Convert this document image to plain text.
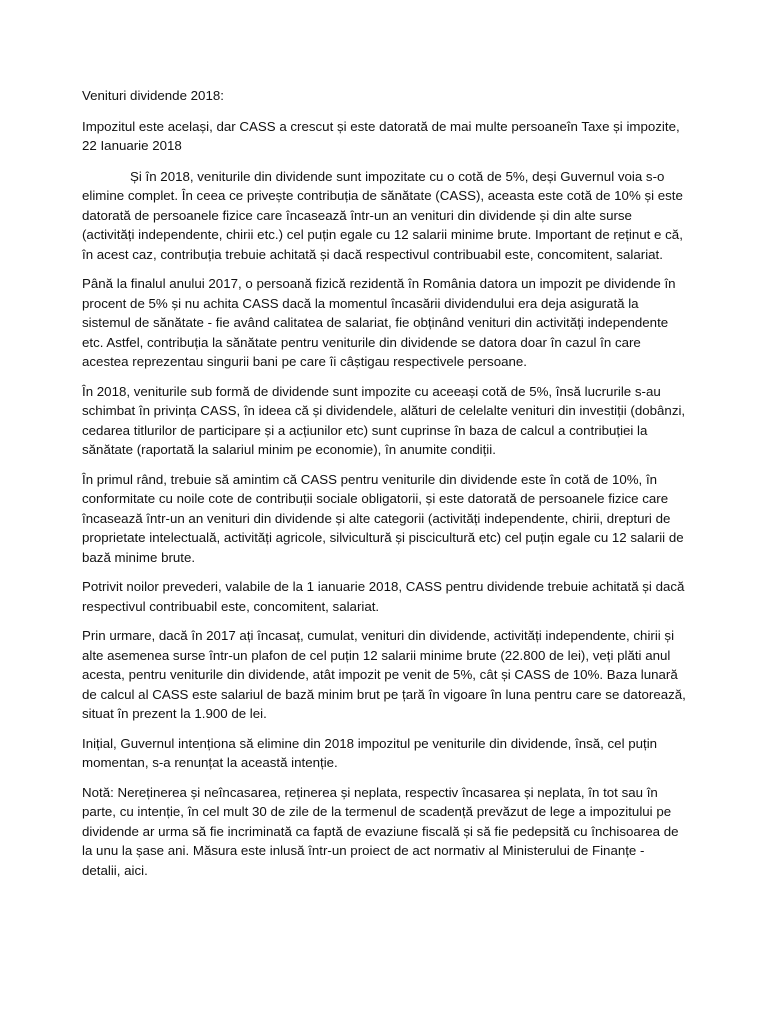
Venituri dividende 2018:

Impozitul este același, dar CASS a crescut și este datorată de mai multe persoaneîn Taxe și impozite, 22 Ianuarie 2018

Și în 2018, veniturile din dividende sunt impozitate cu o cotă de 5%, deși Guvernul voia s-o elimine complet. În ceea ce privește contribuția de sănătate (CASS), aceasta este cotă de 10% și este datorată de persoanele fizice care încasează într-un an venituri din dividende și din alte surse (activități independente, chirii etc.) cel puțin egale cu 12 salarii minime brute. Important de reținut e că, în acest caz, contribuția trebuie achitată și dacă respectivul contribuabil este, concomitent, salariat.

Până la finalul anului 2017, o persoană fizică rezidentă în România datora un impozit pe dividende în procent de 5% și nu achita CASS dacă la momentul încasării dividendului era deja asigurată la sistemul de sănătate - fie având calitatea de salariat, fie obținând venituri din activități independente etc. Astfel, contribuția la sănătate pentru veniturile din dividende se datora doar în cazul în care acestea reprezentau singurii bani pe care îi câștigau respectivele persoane.

În 2018, veniturile sub formă de dividende sunt impozite cu aceeași cotă de 5%, însă lucrurile s-au schimbat în privința CASS, în ideea că și dividendele, alături de celelalte venituri din investiții (dobânzi, cedarea titlurilor de participare și a acțiunilor etc) sunt cuprinse în baza de calcul a contribuției la sănătate (raportată la salariul minim pe economie), în anumite condiții.

În primul rând, trebuie să amintim că CASS pentru veniturile din dividende este în cotă de 10%, în conformitate cu noile cote de contribuții sociale obligatorii, și este datorată de persoanele fizice care încasează într-un an venituri din dividende și alte categorii (activități independente, chirii, drepturi de proprietate intelectuală, activități agricole, silvicultură și piscicultură etc) cel puțin egale cu 12 salarii de bază minime brute.

Potrivit noilor prevederi, valabile de la 1 ianuarie 2018, CASS pentru dividende trebuie achitată și dacă respectivul contribuabil este, concomitent, salariat.

Prin urmare, dacă în 2017 ați încasaț, cumulat, venituri din dividende, activități independente, chirii și alte asemenea surse într-un plafon de cel puțin 12 salarii minime brute (22.800 de lei), veți plăti anul acesta, pentru veniturile din dividende, atât impozit pe venit de 5%, cât și CASS de 10%. Baza lunară de calcul al CASS este salariul de bază minim brut pe țară în vigoare în luna pentru care se datorează, situat în prezent la 1.900 de lei.

Inițial, Guvernul intenționa să elimine din 2018 impozitul pe veniturile din dividende, însă, cel puțin momentan, s-a renunțat la această intenție.

Notă: Nereținerea și neîncasarea, reținerea și neplata, respectiv încasarea și neplata, în tot sau în parte, cu intenție, în cel mult 30 de zile de la termenul de scadență prevăzut de lege a impozitului pe dividende ar urma să fie incriminată ca faptă de evaziune fiscală și să fie pedepsită cu închisoarea de la unu la șase ani. Măsura este inlusă într-un proiect de act normativ al Ministerului de Finanțe - detalii, aici.
